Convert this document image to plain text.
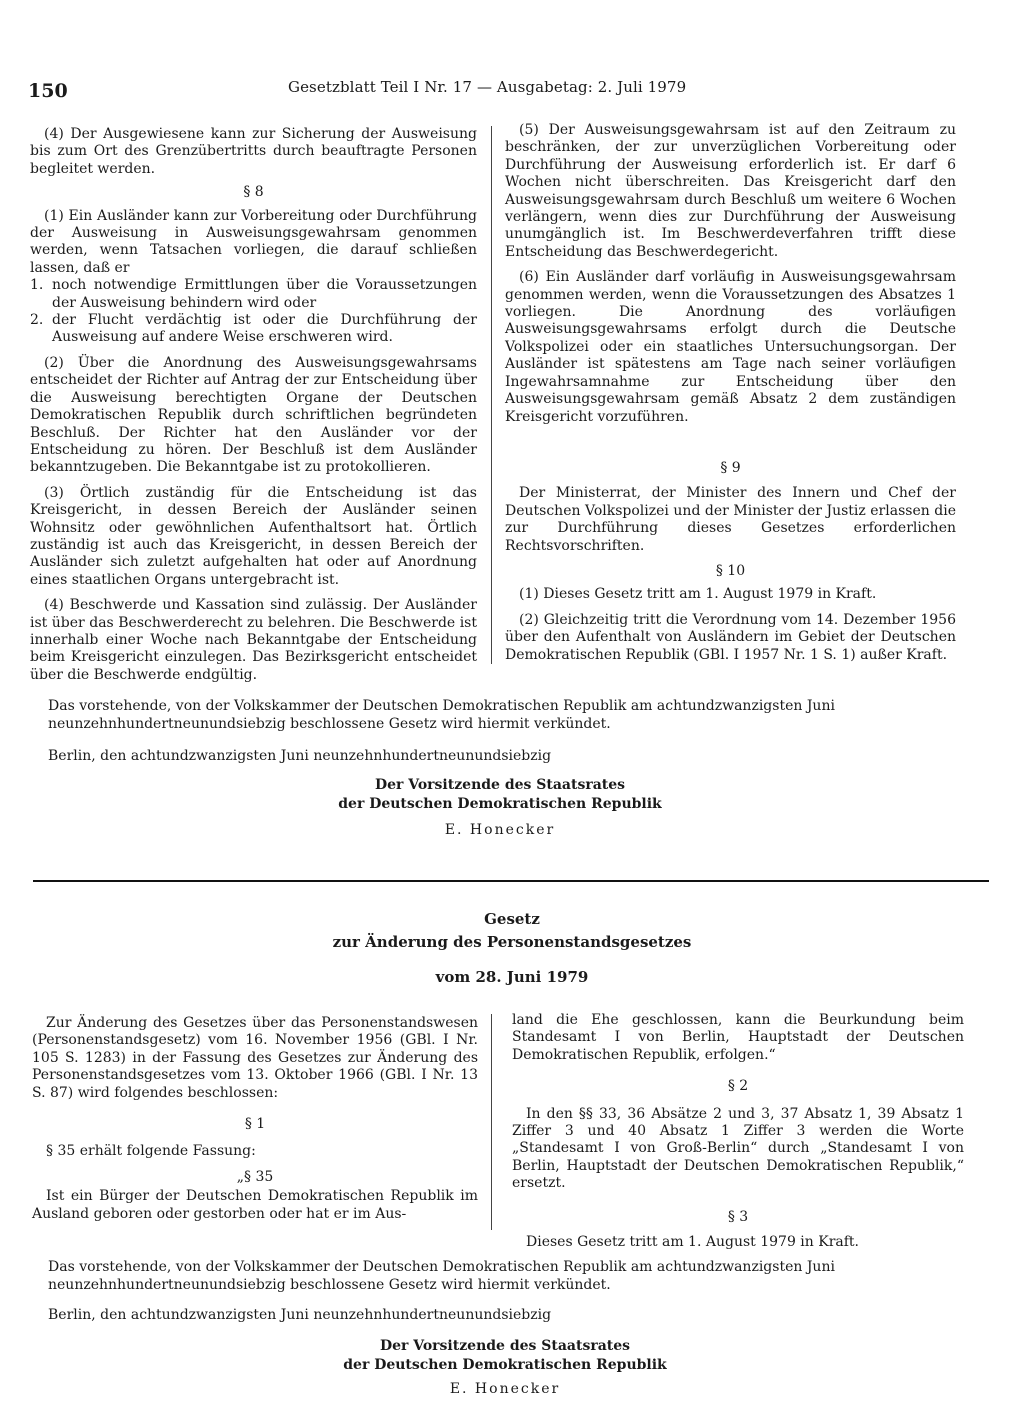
150	Gesetzblatt Teil I Nr. 17 — Ausgabetag: 2. Juli 1979

(4) Der Ausgewiesene kann zur Sicherung der Ausweisung bis zum Ort des Grenzübertritts durch beauftragte Personen begleitet werden.

§ 8

(1) Ein Ausländer kann zur Vorbereitung oder Durchführung der Ausweisung in Ausweisungsgewahrsam genommen werden, wenn Tatsachen vorliegen, die darauf schließen lassen, daß er

1. noch notwendige Ermittlungen über die Voraussetzungen der Ausweisung behindern wird oder
2. der Flucht verdächtig ist oder die Durchführung der Ausweisung auf andere Weise erschweren wird.

(2) Über die Anordnung des Ausweisungsgewahrsams entscheidet der Richter auf Antrag der zur Entscheidung über die Ausweisung berechtigten Organe der Deutschen Demokratischen Republik durch schriftlichen begründeten Beschluß. Der Richter hat den Ausländer vor der Entscheidung zu hören. Der Beschluß ist dem Ausländer bekanntzugeben. Die Bekanntgabe ist zu protokollieren.

(3) Örtlich zuständig für die Entscheidung ist das Kreisgericht, in dessen Bereich der Ausländer seinen Wohnsitz oder gewöhnlichen Aufenthaltsort hat. Örtlich zuständig ist auch das Kreisgericht, in dessen Bereich der Ausländer sich zuletzt aufgehalten hat oder auf Anordnung eines staatlichen Organs untergebracht ist.

(4) Beschwerde und Kassation sind zulässig. Der Ausländer ist über das Beschwerderecht zu belehren. Die Beschwerde ist innerhalb einer Woche nach Bekanntgabe der Entscheidung beim Kreisgericht einzulegen. Das Bezirksgericht entscheidet über die Beschwerde endgültig.

(5) Der Ausweisungsgewahrsam ist auf den Zeitraum zu beschränken, der zur unverzüglichen Vorbereitung oder Durchführung der Ausweisung erforderlich ist. Er darf 6 Wochen nicht überschreiten. Das Kreisgericht darf den Ausweisungsgewahrsam durch Beschluß um weitere 6 Wochen verlängern, wenn dies zur Durchführung der Ausweisung unumgänglich ist. Im Beschwerdeverfahren trifft diese Entscheidung das Beschwerdegericht.

(6) Ein Ausländer darf vorläufig in Ausweisungsgewahrsam genommen werden, wenn die Voraussetzungen des Absatzes 1 vorliegen. Die Anordnung des vorläufigen Ausweisungsgewahrsams erfolgt durch die Deutsche Volkspolizei oder ein staatliches Untersuchungsorgan. Der Ausländer ist spätestens am Tage nach seiner vorläufigen Ingewahrsamnahme zur Entscheidung über den Ausweisungsgewahrsam gemäß Absatz 2 dem zuständigen Kreisgericht vorzuführen.

§ 9

Der Ministerrat, der Minister des Innern und Chef der Deutschen Volkspolizei und der Minister der Justiz erlassen die zur Durchführung dieses Gesetzes erforderlichen Rechtsvorschriften.

§ 10

(1) Dieses Gesetz tritt am 1. August 1979 in Kraft.

(2) Gleichzeitig tritt die Verordnung vom 14. Dezember 1956 über den Aufenthalt von Ausländern im Gebiet der Deutschen Demokratischen Republik (GBl. I 1957 Nr. 1 S. 1) außer Kraft.

Das vorstehende, von der Volkskammer der Deutschen Demokratischen Republik am achtundzwanzigsten Juni neunzehnhundertneunundsiebzig beschlossene Gesetz wird hiermit verkündet.

Berlin, den achtundzwanzigsten Juni neunzehnhundertneunundsiebzig

Der Vorsitzende des Staatsrates
der Deutschen Demokratischen Republik
E. Honecker
Gesetz
zur Änderung des Personenstandsgesetzes
vom 28. Juni 1979

Zur Änderung des Gesetzes über das Personenstandswesen (Personenstandsgesetz) vom 16. November 1956 (GBl. I Nr. 105 S. 1283) in der Fassung des Gesetzes zur Änderung des Personenstandsgesetzes vom 13. Oktober 1966 (GBl. I Nr. 13 S. 87) wird folgendes beschlossen:

§ 1

§ 35 erhält folgende Fassung:

„§ 35

Ist ein Bürger der Deutschen Demokratischen Republik im Ausland geboren oder gestorben oder hat er im Aus-

land die Ehe geschlossen, kann die Beurkundung beim Standesamt I von Berlin, Hauptstadt der Deutschen Demokratischen Republik, erfolgen.“

§ 2

In den §§ 33, 36 Absätze 2 und 3, 37 Absatz 1, 39 Absatz 1 Ziffer 3 und 40 Absatz 1 Ziffer 3 werden die Worte „Standesamt I von Groß-Berlin“ durch „Standesamt I von Berlin, Hauptstadt der Deutschen Demokratischen Republik,“ ersetzt.

§ 3

Dieses Gesetz tritt am 1. August 1979 in Kraft.

Das vorstehende, von der Volkskammer der Deutschen Demokratischen Republik am achtundzwanzigsten Juni neunzehnhundertneunundsiebzig beschlossene Gesetz wird hiermit verkündet.

Berlin, den achtundzwanzigsten Juni neunzehnhundertneunundsiebzig

Der Vorsitzende des Staatsrates
der Deutschen Demokratischen Republik
E. Honecker
